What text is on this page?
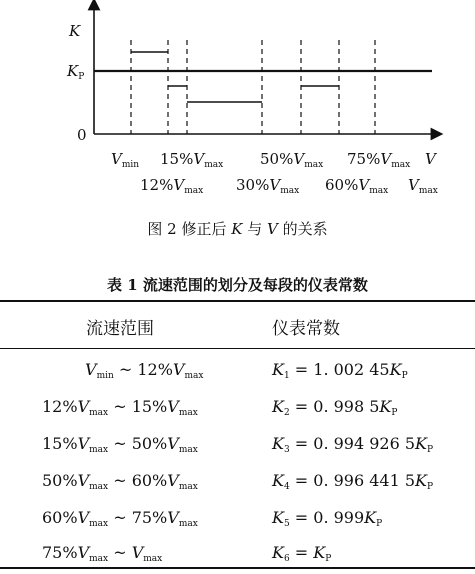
K
$K_P$
0
$V_{min}$ $15\%V_{max}$ $50\%V_{max}$ $75\%V_{max}$ V
$12\%V_{max}$ $30\%V_{max}$ $60\%V_{max}$ $V_{max}$
图 2 修正后 K 与 V 的关系
表 1 流速范围的划分及每段的仪表常数
流速范围	仪表常数
$V_{min}$ ~ $12\%V_{max}$	$K_1 = 1$. 002 $45K_P$
$12\%V_{max}$ ~ $15\%V_{max}$	$K_2 = 0$. 998 $5K_P$
$15\%V_{max}$ ~ $50\%V_{max}$	$K_3 = 0$. 994 926 $5K_P$
$50\%V_{max}$ ~ $60\%V_{max}$	$K_4 = 0$. 996 441 $5K_P$
$60\%V_{max}$ ~ $75\%V_{max}$	$K_5 = 0$. $999K_P$
$75\%V_{max}$ ~ $V_{max}$	$K_6 = K_P$
